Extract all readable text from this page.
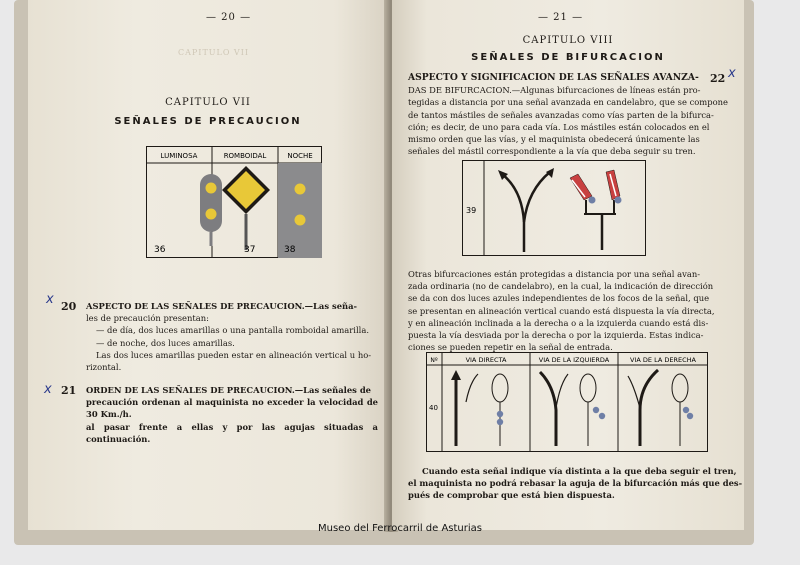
CAPITULO VII
— 20 —
CAPITULO VII
SEÑALES DE PRECAUCION
LUMINOSA	ROMBOIDAL	NOCHE
36	37	38
x 20 ASPECTO DE LAS SEÑALES DE PRECAUCION.—Las seña-
les de precaución presentan:
— de día, dos luces amarillas o una pantalla romboidal amarilla.
— de noche, dos luces amarillas.
Las dos luces amarillas pueden estar en alineación vertical u ho-
rizontal.
x 21 ORDEN DE LAS SEÑALES DE PRECAUCION.—Las señales de
precaución ordenan al maquinista no exceder la velocidad de 30 Km./h.
al pasar frente a ellas y por las agujas situadas a continuación.
— 21 —
CAPITULO VIII
SEÑALES DE BIFURCACION
22 x
ASPECTO Y SIGNIFICACION DE LAS SEÑALES AVANZA-
DAS DE BIFURCACION.—Algunas bifurcaciones de líneas están pro-
tegidas a distancia por una señal avanzada en candelabro, que se compone
de tantos mástiles de señales avanzadas como vías parten de la bifurca-
ción; es decir, de uno para cada vía. Los mástiles están colocados en el
mismo orden que las vías, y el maquinista obedecerá únicamente las
señales del mástil correspondiente a la vía que deba seguir su tren.
39
Otras bifurcaciones están protegidas a distancia por una señal avan-
zada ordinaria (no de candelabro), en la cual, la indicación de dirección
se da con dos luces azules independientes de los focos de la señal, que
se presentan en alineación vertical cuando está dispuesta la vía directa,
y en alineación inclinada a la derecha o a la izquierda cuando está dis-
puesta la vía desviada por la derecha o por la izquierda. Estas indica-
ciones se pueden repetir en la señal de entrada.
Nº	VIA DIRECTA	VIA DE LA IZQUIERDA	VIA DE LA DERECHA
40
Cuando esta señal indique vía distinta a la que deba seguir el tren,
el maquinista no podrá rebasar la aguja de la bifurcación más que des-
pués de comprobar que está bien dispuesta.
Museo del Ferrocarril de Asturias
